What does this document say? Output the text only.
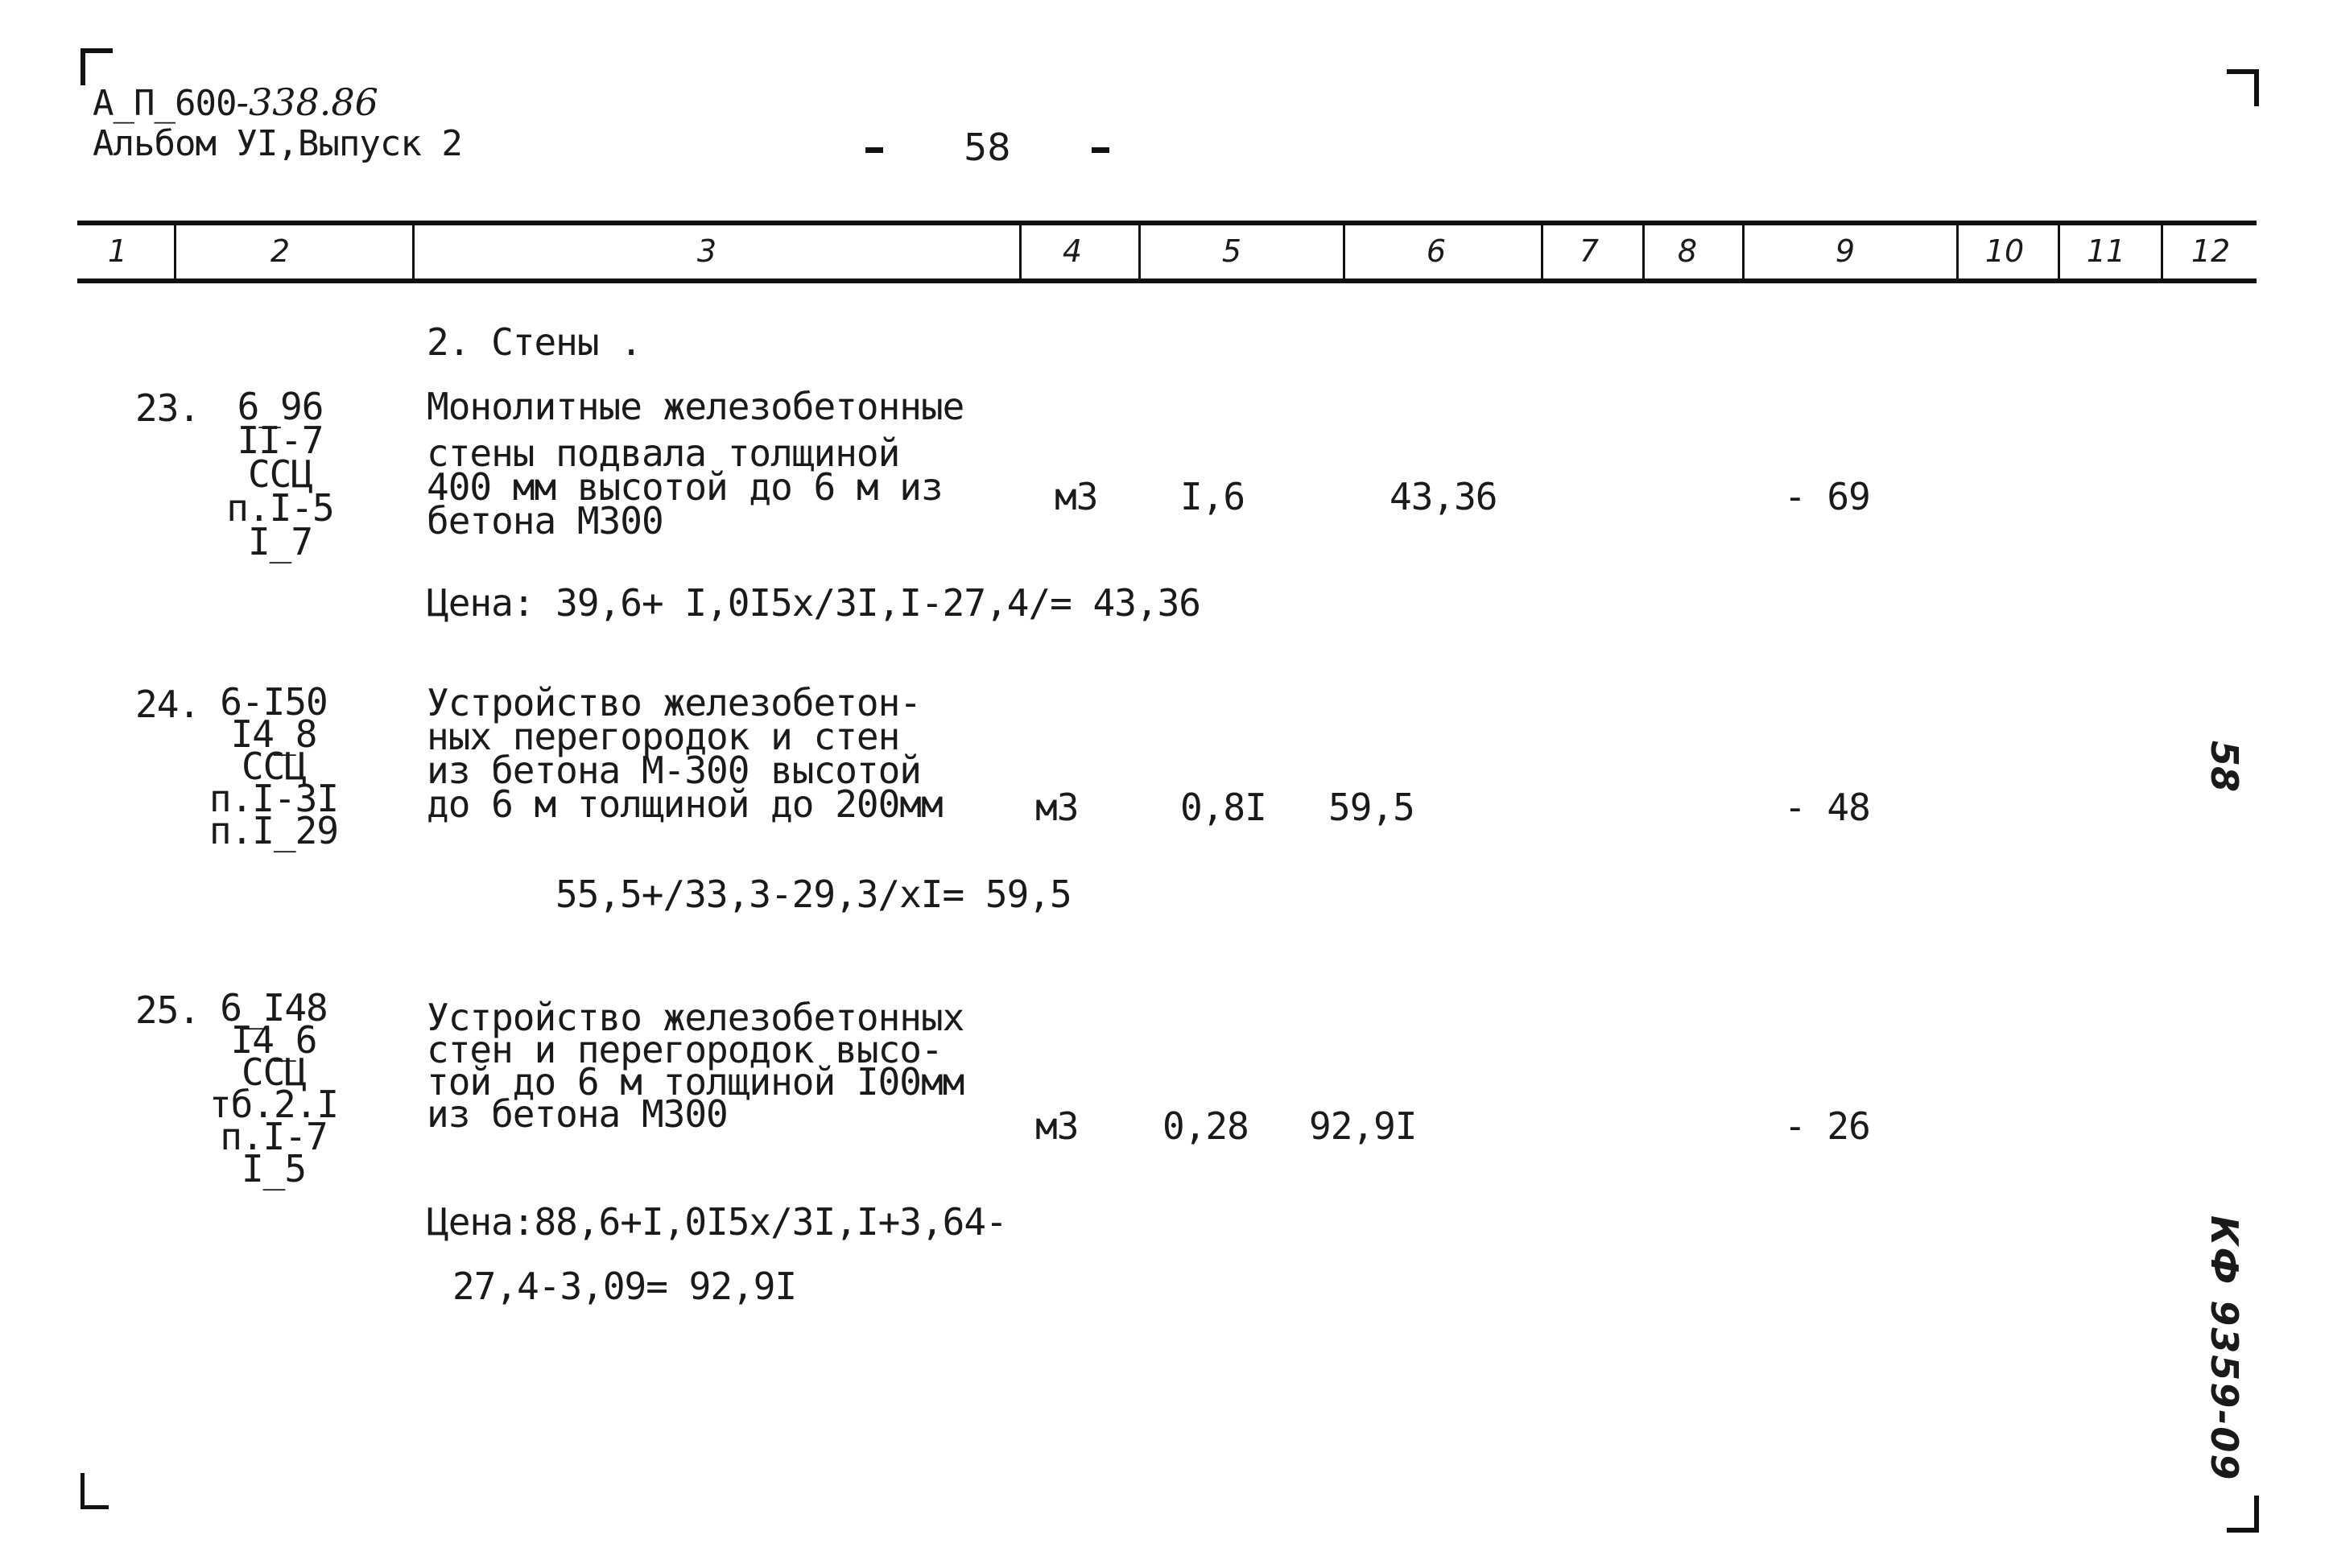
А_П_600-338.86
Альбом УI,Выпуск 2	58
1	2	3	4	5	6	7	8	9	10 11 12
2. Стены .
23.	6_96
II-7
ССЦ
п.I-5
I_7
Монолитные железобетонные
стены подвала толщиной
400 мм высотой до 6 м из
бетона М300
м3 I,6	43,36	- 69
Цена: 39,6+ I,0I5х/3I,I-27,4/= 43,36
24. 6-I50
I4_8
ССЦ
п.I-3I
п.I_29
Устройство железобетон-
ных перегородок и стен
из бетона М-300 высотой
до 6 м толщиной до 200мм	м3	0,8I 59,5	- 48
55,5+/33,3-29,3/хI= 59,5
25. 6_I48
I4_6
ССЦ
тб.2.I
п.I-7
I_5
Устройство железобетонных
стен и перегородок высо-
той до 6 м толщиной I00мм
из бетона М300	м3 0,28 92,9I	- 26
Цена:88,6+I,0I5х/3I,I+3,64-
27,4-3,09= 92,9I
58
КФ 9359-09
